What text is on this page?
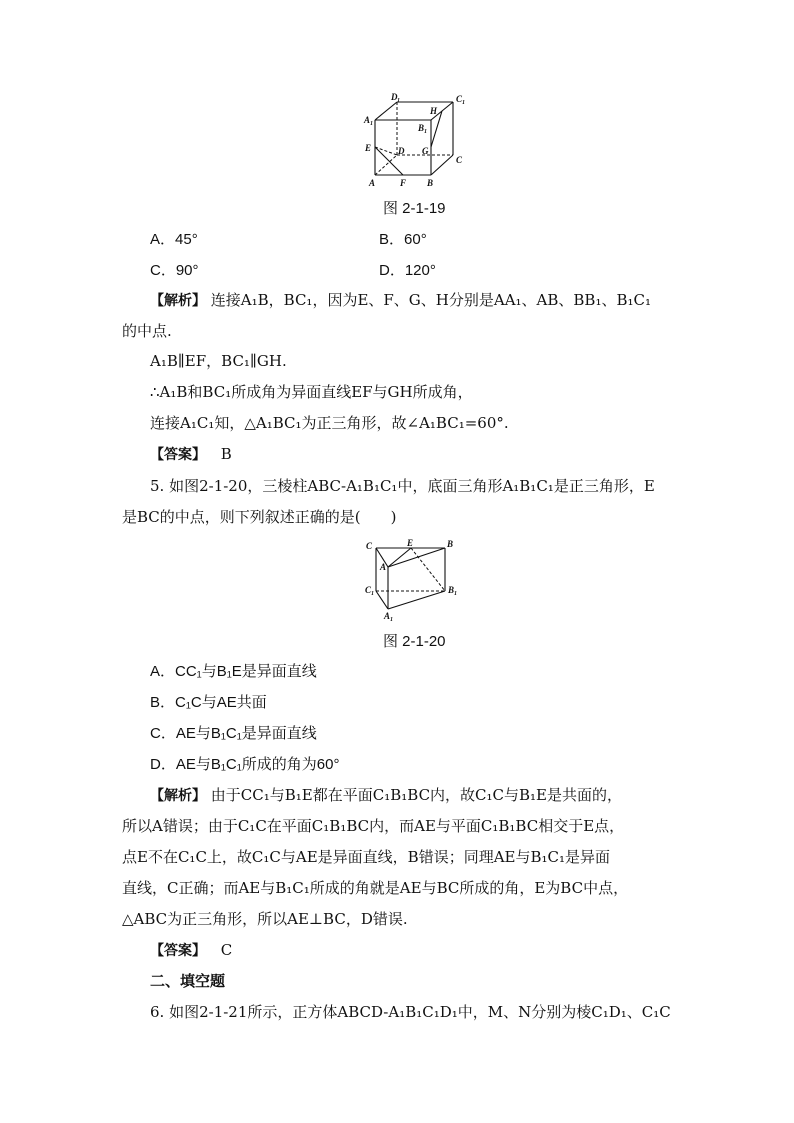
D 1	C 1
A 1	B 1
H
E	D G
C
A	F B
图 2-1-19
A．45°	B．60°
C．90°	D．120°
【解析】 连接A₁B，BC₁，因为E、F、G、H分别是AA₁、AB、BB₁、B₁C₁
的中点.
A₁B∥EF，BC₁∥GH.
∴A₁B和BC₁所成角为异面直线EF与GH所成角，
连接A₁C₁知，△A₁BC₁为正三角形，故∠A₁BC₁=60°.
【答案】 B
5. 如图2-1-20，三棱柱ABC-A₁B₁C₁中，底面三角形A₁B₁C₁是正三角形，E
是BC的中点，则下列叙述正确的是(　　)
C	E	B
A
C 1	B 1
A 1
图 2-1-20
A．CC₁与B₁E是异面直线
B．C₁C与AE共面
C．AE与B₁C₁是异面直线
D．AE与B₁C₁所成的角为60°
【解析】 由于CC₁与B₁E都在平面C₁B₁BC内，故C₁C与B₁E是共面的，
所以A错误；由于C₁C在平面C₁B₁BC内，而AE与平面C₁B₁BC相交于E点，
点E不在C₁C上，故C₁C与AE是异面直线，B错误；同理AE与B₁C₁是异面
直线，C正确；而AE与B₁C₁所成的角就是AE与BC所成的角，E为BC中点，
△ABC为正三角形，所以AE⊥BC，D错误.
【答案】 C
二、填空题
6. 如图2-1-21所示，正方体ABCD-A₁B₁C₁D₁中，M、N分别为棱C₁D₁、C₁C
